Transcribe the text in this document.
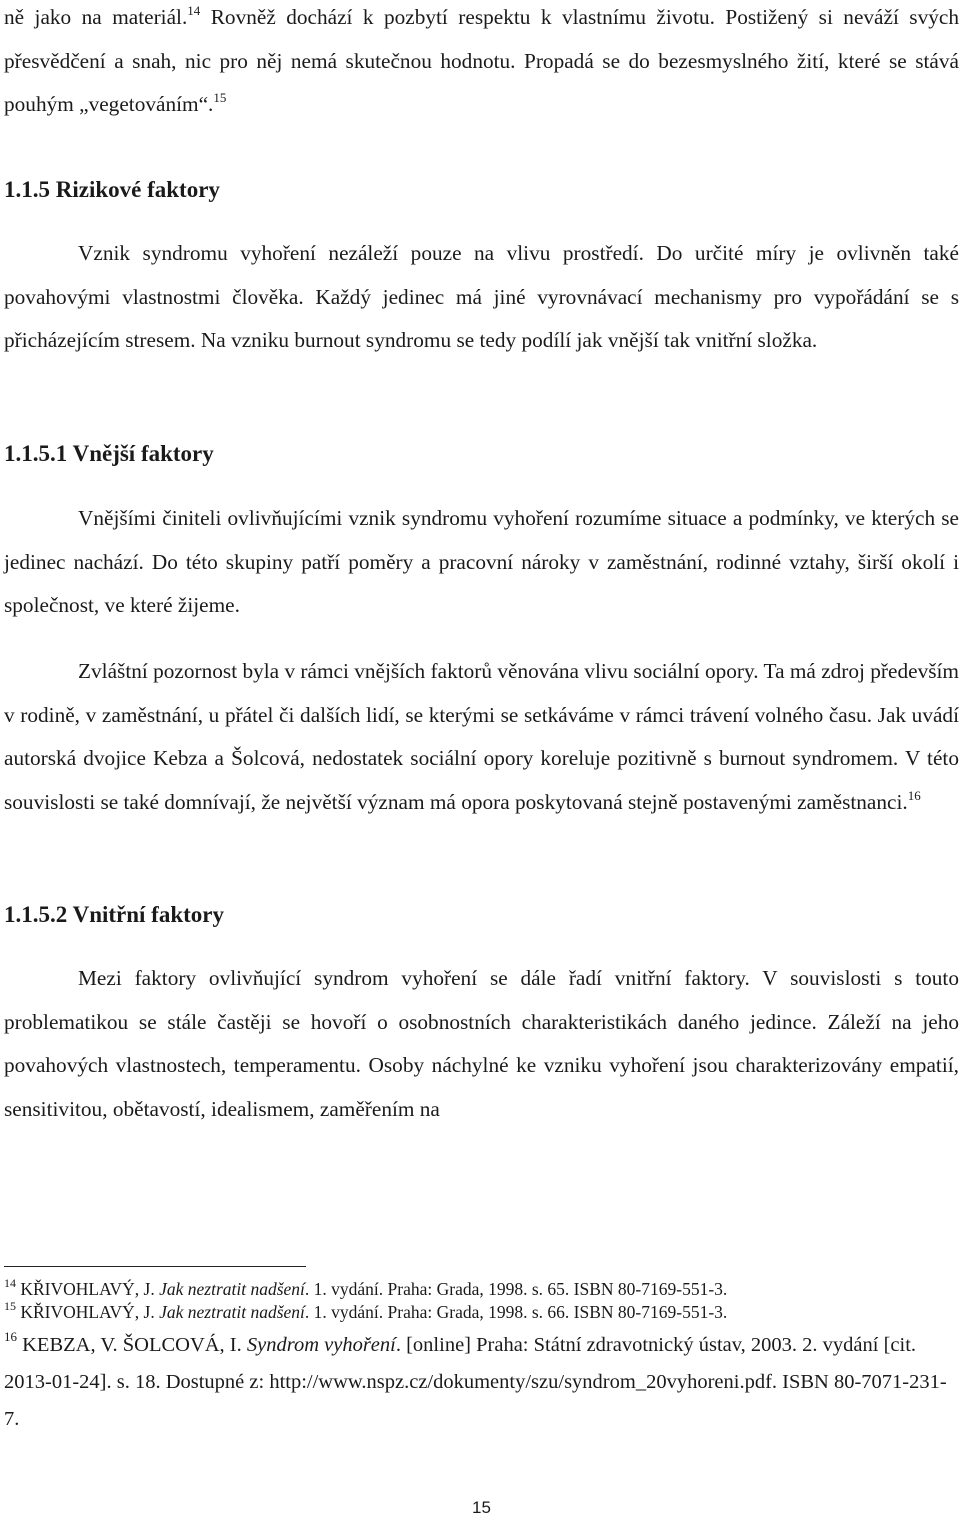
ně jako na materiál.$^{14}$ Rovněž dochází k pozbytí respektu k vlastnímu životu. Postižený si neváží svých přesvědčení a snah, nic pro něj nemá skutečnou hodnotu. Propadá se do bezesmyslného žití, které se stává pouhým „vegetováním“.$^{15}$

1.1.5 Rizikové faktory

Vznik syndromu vyhoření nezáleží pouze na vlivu prostředí. Do určité míry je ovlivněn také povahovými vlastnostmi člověka. Každý jedinec má jiné vyrovnávací mechanismy pro vypořádání se s přicházejícím stresem. Na vzniku burnout syndromu se tedy podílí jak vnější tak vnitřní složka.

1.1.5.1 Vnější faktory

Vnějšími činiteli ovlivňujícími vznik syndromu vyhoření rozumíme situace a podmínky, ve kterých se jedinec nachází. Do této skupiny patří poměry a pracovní nároky v zaměstnání, rodinné vztahy, širší okolí i společnost, ve které žijeme.

Zvláštní pozornost byla v rámci vnějších faktorů věnována vlivu sociální opory. Ta má zdroj především v rodině, v zaměstnání, u přátel či dalších lidí, se kterými se setkáváme v rámci trávení volného času. Jak uvádí autorská dvojice Kebza a Šolcová, nedostatek sociální opory koreluje pozitivně s burnout syndromem. V této souvislosti se také domnívají, že největší význam má opora poskytovaná stejně postavenými zaměstnanci.$^{16}$

1.1.5.2 Vnitřní faktory

Mezi faktory ovlivňující syndrom vyhoření se dále řadí vnitřní faktory. V souvislosti s touto problematikou se stále častěji se hovoří o osobnostních charakteristikách daného jedince. Záleží na jeho povahových vlastnostech, temperamentu. Osoby náchylné ke vzniku vyhoření jsou charakterizovány empatií, sensitivitou, obětavostí, idealismem, zaměřením na

$^{14}$ KŘIVOHLAVÝ, J. Jak neztratit nadšení. 1. vydání. Praha: Grada, 1998. s. 65. ISBN 80-7169-551-3.

$^{15}$ KŘIVOHLAVÝ, J. Jak neztratit nadšení. 1. vydání. Praha: Grada, 1998. s. 66. ISBN 80-7169-551-3.

$^{16}$ KEBZA, V. ŠOLCOVÁ, I. Syndrom vyhoření. [online] Praha: Státní zdravotnický ústav, 2003. 2. vydání [cit. 2013-01-24]. s. 18. Dostupné z: http://www.nspz.cz/dokumenty/szu/syndrom_20vyhoreni.pdf. ISBN 80-7071-231-7.

15
